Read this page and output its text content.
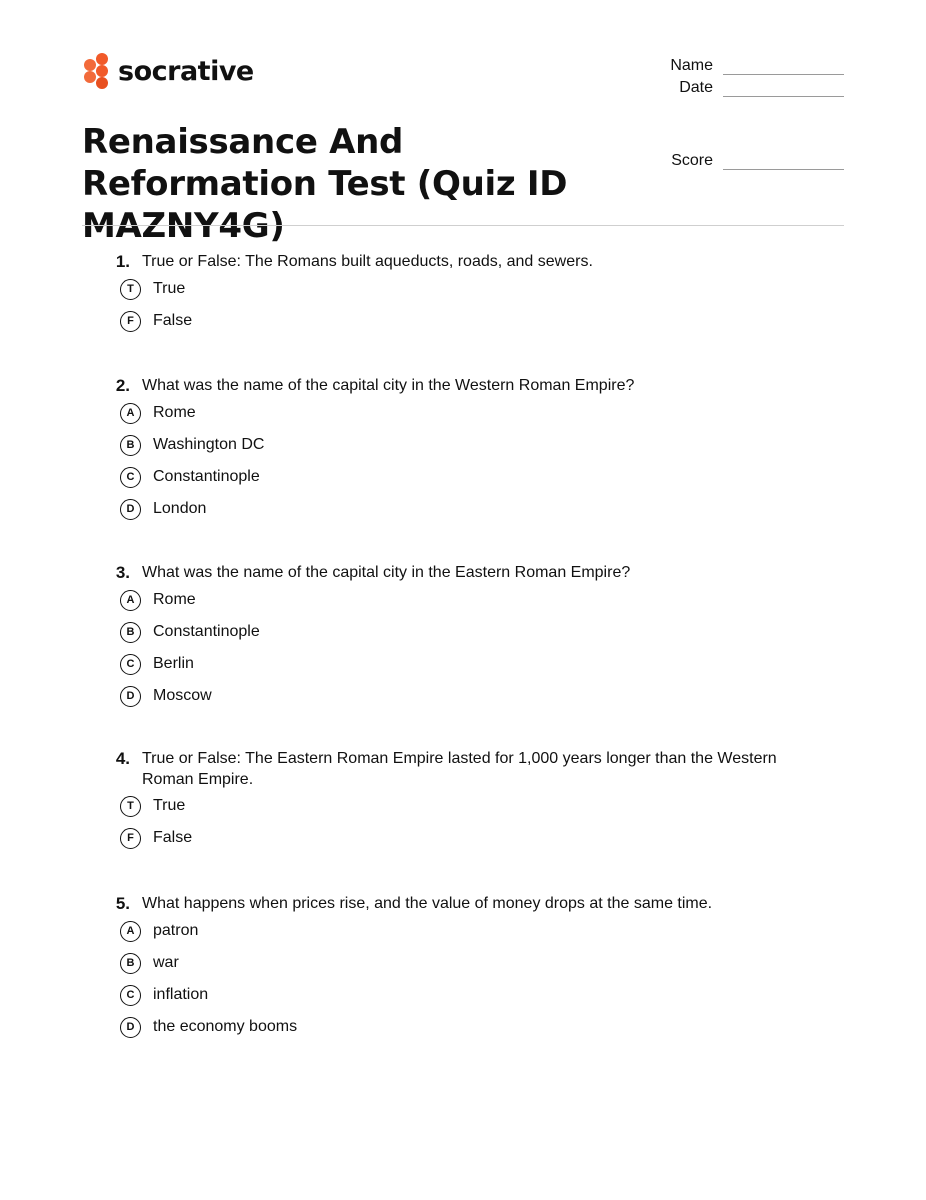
socrative	Name
Date
Score
Renaissance And Reformation Test (Quiz ID MAZNY4G)
1. True or False: The Romans built aqueducts, roads, and sewers.
T	True
F	False
2. What was the name of the capital city in the Western Roman Empire?
A	Rome
B	Washington DC
C	Constantinople
D	London
3. What was the name of the capital city in the Eastern Roman Empire?
A	Rome
B	Constantinople
C	Berlin
D	Moscow
4. True or False: The Eastern Roman Empire lasted for 1,000 years longer than the Western Roman Empire.
T	True
F	False
5. What happens when prices rise, and the value of money drops at the same time.
A	patron
B	war
C	inflation
D	the economy booms
